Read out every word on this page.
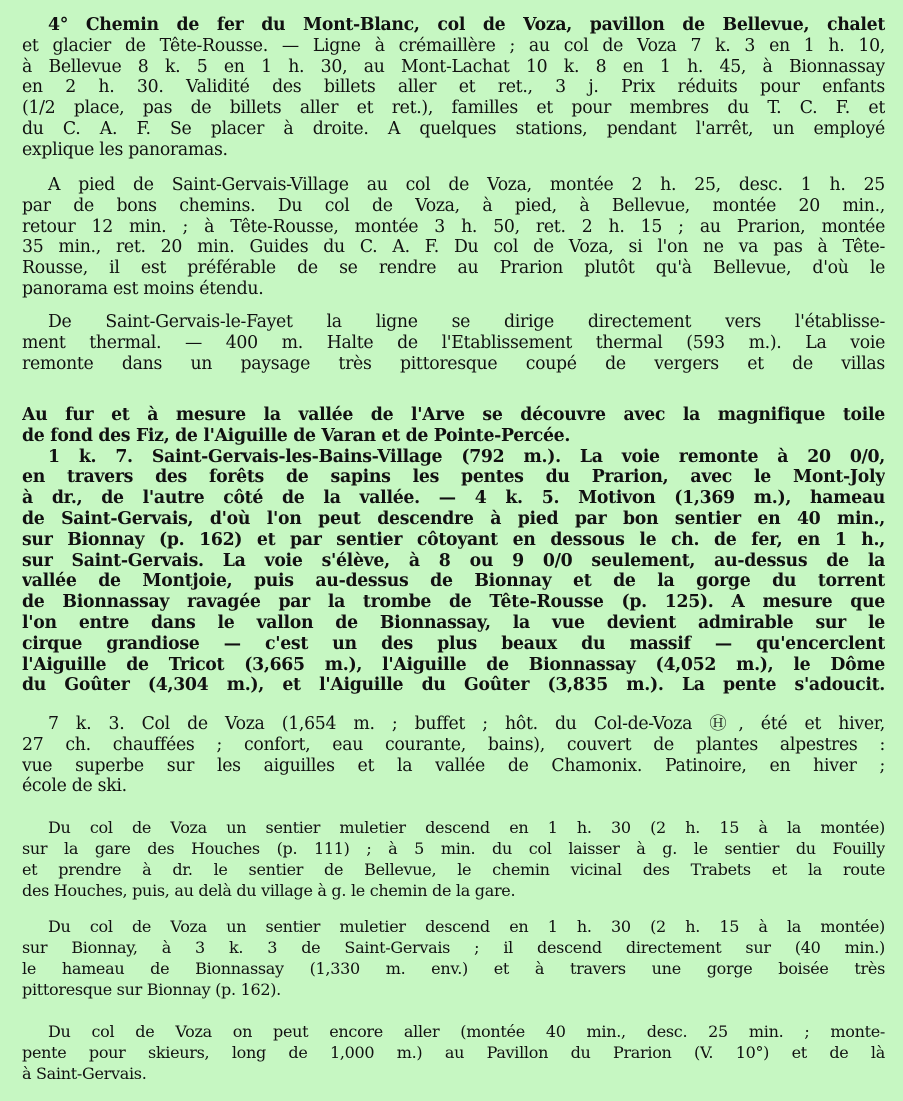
4° Chemin de fer du Mont-Blanc, col de Voza, pavillon de Bellevue, chalet
et glacier de Tête-Rousse. — Ligne à crémaillère ; au col de Voza 7 k. 3 en 1 h. 10,
à Bellevue 8 k. 5 en 1 h. 30, au Mont-Lachat 10 k. 8 en 1 h. 45, à Bionnassay
en 2 h. 30. Validité des billets aller et ret., 3 j. Prix réduits pour enfants
(1/2 place, pas de billets aller et ret.), familles et pour membres du T. C. F. et
du C. A. F. Se placer à droite. A quelques stations, pendant l'arrêt, un employé
explique les panoramas.
A pied de Saint-Gervais-Village au col de Voza, montée 2 h. 25, desc. 1 h. 25
par de bons chemins. Du col de Voza, à pied, à Bellevue, montée 20 min.,
retour 12 min. ; à Tête-Rousse, montée 3 h. 50, ret. 2 h. 15 ; au Prarion, montée
35 min., ret. 20 min. Guides du C. A. F. Du col de Voza, si l'on ne va pas à Tête-
Rousse, il est préférable de se rendre au Prarion plutôt qu'à Bellevue, d'où le
panorama est moins étendu.
De Saint-Gervais-le-Fayet la ligne se dirige directement vers l'établisse-
ment thermal. — 400 m. Halte de l'Etablissement thermal (593 m.). La voie
remonte dans un paysage très pittoresque coupé de vergers et de villas
Au fur et à mesure la vallée de l'Arve se découvre avec la magnifique toile
de fond des Fiz, de l'Aiguille de Varan et de Pointe-Percée.
1 k. 7. Saint-Gervais-les-Bains-Village (792 m.). La voie remonte à 20 0/0,
en travers des forêts de sapins les pentes du Prarion, avec le Mont-Joly
à dr., de l'autre côté de la vallée. — 4 k. 5. Motivon (1,369 m.), hameau
de Saint-Gervais, d'où l'on peut descendre à pied par bon sentier en 40 min.,
sur Bionnay (p. 162) et par sentier côtoyant en dessous le ch. de fer, en 1 h.,
sur Saint-Gervais. La voie s'élève, à 8 ou 9 0/0 seulement, au-dessus de la
vallée de Montjoie, puis au-dessus de Bionnay et de la gorge du torrent
de Bionnassay ravagée par la trombe de Tête-Rousse (p. 125). A mesure que
l'on entre dans le vallon de Bionnassay, la vue devient admirable sur le
cirque grandiose — c'est un des plus beaux du massif — qu'encerclent
l'Aiguille de Tricot (3,665 m.), l'Aiguille de Bionnassay (4,052 m.), le Dôme
du Goûter (4,304 m.), et l'Aiguille du Goûter (3,835 m.). La pente s'adoucit.
7 k. 3. Col de Voza (1,654 m. ; buffet ; hôt. du Col-de-Voza Ⓗ, été et hiver,
27 ch. chauffées ; confort, eau courante, bains), couvert de plantes alpestres :
vue superbe sur les aiguilles et la vallée de Chamonix. Patinoire, en hiver ;
école de ski.
Du col de Voza un sentier muletier descend en 1 h. 30 (2 h. 15 à la montée)
sur la gare des Houches (p. 111) ; à 5 min. du col laisser à g. le sentier du Fouilly
et prendre à dr. le sentier de Bellevue, le chemin vicinal des Trabets et la route
des Houches, puis, au delà du village à g. le chemin de la gare.
Du col de Voza un sentier muletier descend en 1 h. 30 (2 h. 15 à la montée)
sur Bionnay, à 3 k. 3 de Saint-Gervais ; il descend directement sur (40 min.)
le hameau de Bionnassay (1,330 m. env.) et à travers une gorge boisée très
pittoresque sur Bionnay (p. 162).
Du col de Voza on peut encore aller (montée 40 min., desc. 25 min. ; monte-
pente pour skieurs, long de 1,000 m.) au Pavillon du Prarion (V. 10°) et de là
à Saint-Gervais.
